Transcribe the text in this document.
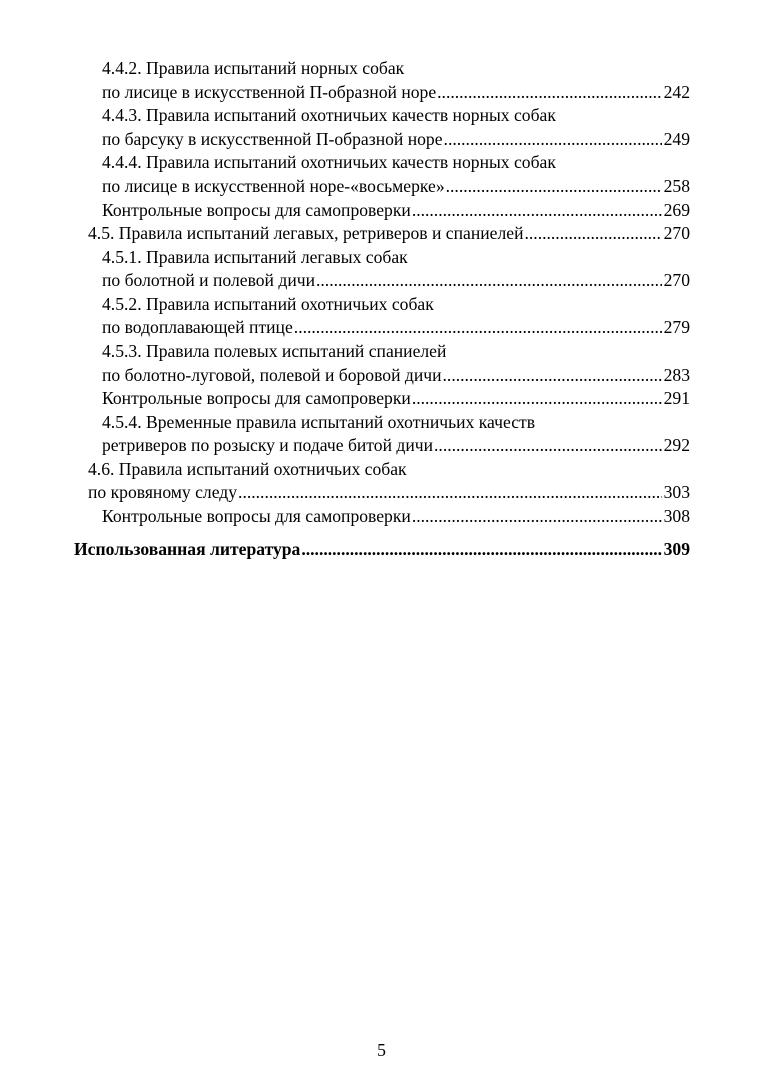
4.4.2. Правила испытаний норных собак
по лисице в искусственной П-образной норе .....	242
4.4.3. Правила испытаний охотничьих качеств норных собак
по барсуку в искусственной П-образной норе .....	249
4.4.4. Правила испытаний охотничьих качеств норных собак
по лисице в искусственной норе-«восьмерке» .....	258
Контрольные вопросы для самопроверки .....	269
4.5. Правила испытаний легавых, ретриверов и спаниелей .....	270
4.5.1. Правила испытаний легавых собак
по болотной и полевой дичи .....	270
4.5.2. Правила испытаний охотничьих собак
по водоплавающей птице .....	279
4.5.3. Правила полевых испытаний спаниелей
по болотно-луговой, полевой и боровой дичи .....	283
Контрольные вопросы для самопроверки .....	291
4.5.4. Временные правила испытаний охотничьих качеств
ретриверов по розыску и подаче битой дичи .....	292
4.6. Правила испытаний охотничьих собак
по кровяному следу .....	303
Контрольные вопросы для самопроверки .....	308
Использованная литература .....	309
5
